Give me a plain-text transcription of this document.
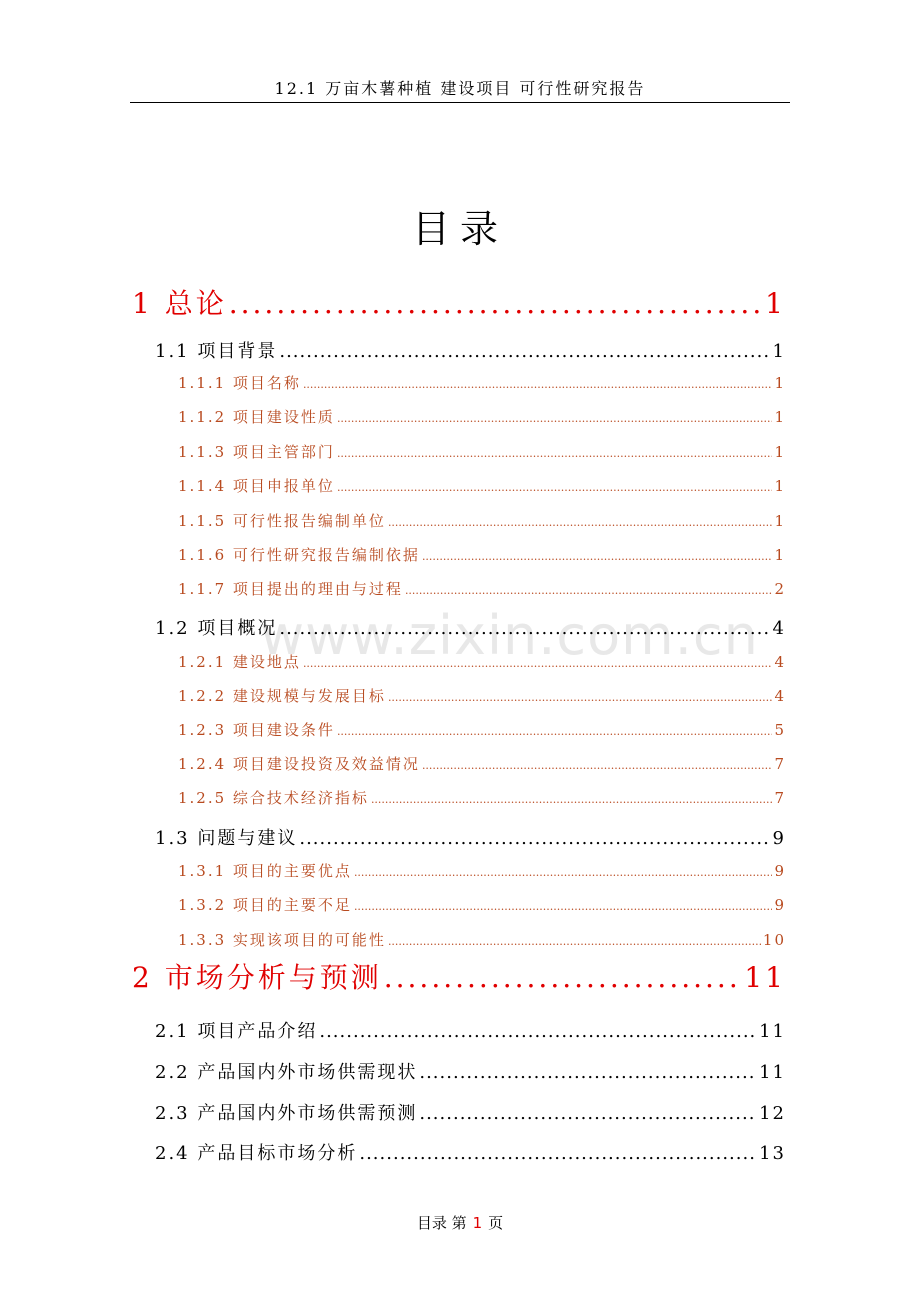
12.1 万亩木薯种植 建设项目 可行性研究报告
目录
www.zixin.com.cn
1 总论 .....	1
1.1 项目背景 .....	1
1.1.1 项目名称 .....	1
1.1.2 项目建设性质 .....	1
1.1.3 项目主管部门 .....	1
1.1.4 项目申报单位 .....	1
1.1.5 可行性报告编制单位 .....	1
1.1.6 可行性研究报告编制依据 .....	1
1.1.7 项目提出的理由与过程 .....	2
1.2 项目概况 .....	4
1.2.1 建设地点 .....	4
1.2.2 建设规模与发展目标 .....	4
1.2.3 项目建设条件 .....	5
1.2.4 项目建设投资及效益情况 .....	7
1.2.5 综合技术经济指标 .....	7
1.3 问题与建议 .....	9
1.3.1 项目的主要优点 .....	9
1.3.2 项目的主要不足 .....	9
1.3.3 实现该项目的可能性 .....	10
2 市场分析与预测 .....	11
2.1 项目产品介绍 .....	11
2.2 产品国内外市场供需现状 .....	11
2.3 产品国内外市场供需预测 .....	12
2.4 产品目标市场分析 .....	13
目录 第 1 页
